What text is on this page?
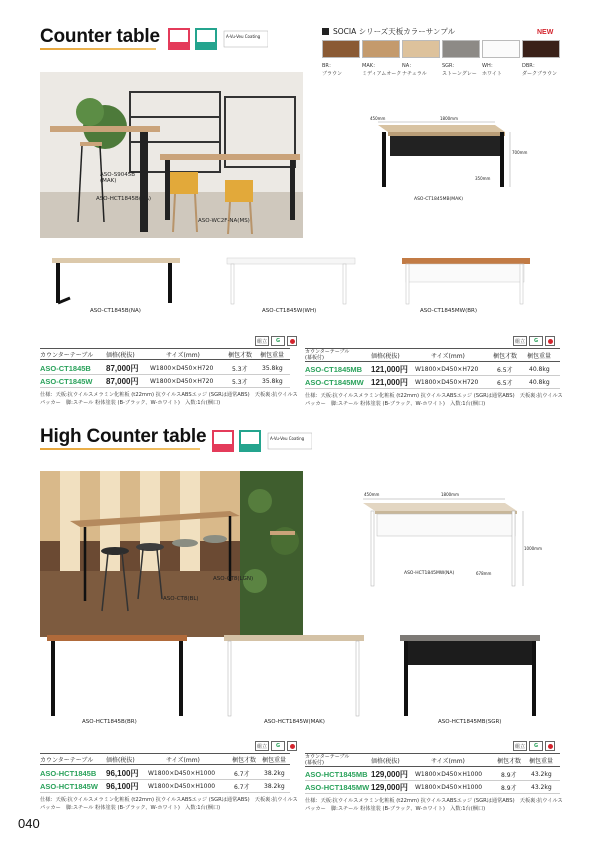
Counter table	A-Vu-Veu Coating
SOCIA シリーズ天板カラーサンプル	NEW
BR：
ブラウン
MAK：
ミディアムオーク
NA：
ナチュラル
SGR：
ストーングレー
WH：
ホワイト
DBR：
ダークブラウン
ASO-S9045B
(MAK)
ASO-HCT1845B(NA)
ASO-WC2F-NA(MS)
450mm	1800mm
700mm
350mm
ASO-CT1845MB(MAK)
ASO-CT1845B(NA)	ASO-CT1845W(WH)	ASO-CT1845MW(BR)
組立	G
カウンターテーブル 価格(税抜)	サイズ(mm)	梱包才数 梱包重量
ASO-CT1845B 87,000円 W1800×D450×H720	5.3才 35.8kg
ASO-CT1845W 87,000円 W1800×D450×H720	5.3才 35.8kg
仕様：天板:抗ウイルスメラミン化粧板 (t22mm) 抗ウイルスABSエッジ (SGRは通常ABS)　天板裏:抗ウイルス
パッカー　脚:スチール 粉体塗装 (B-ブラック、W-ホワイト)　入数:1台(梱口)
組立	G
カウンターテーブル
(幕板付)	価格(税抜)	サイズ(mm)	梱包才数 梱包重量
ASO-CT1845MB 121,000円 W1800×D450×H720	6.5才	40.8kg
ASO-CT1845MW 121,000円 W1800×D450×H720	6.5才	40.8kg
仕様：天板:抗ウイルスメラミン化粧板 (t22mm) 抗ウイルスABSエッジ (SGRは通常ABS)　天板裏:抗ウイルス
パッカー　脚:スチール 粉体塗装 (B-ブラック、W-ホワイト)　入数:1台(梱口)
High Counter table	A-Vu-Veu Coating
ASO-CT8(LGN)
ASO-CT8(BL)
450mm	1800mm
1000mm
678mm
ASO-HCT1845MW(NA)
ASO-HCT1845B(BR)	ASO-HCT1845W(MAK)	ASO-HCT1845MB(SGR)
組立	G
カウンターテーブル 価格(税抜)	サイズ(mm)	梱包才数 梱包重量
ASO-HCT1845B 96,100円 W1800×D450×H1000	6.7才 38.2kg
ASO-HCT1845W 96,100円 W1800×D450×H1000	6.7才 38.2kg
仕様：天板:抗ウイルスメラミン化粧板 (t22mm) 抗ウイルスABSエッジ (SGRは通常ABS)　天板裏:抗ウイルス
パッカー　脚:スチール 粉体塗装 (B-ブラック、W-ホワイト)　入数:1台(梱口)
組立	G
カウンターテーブル
(幕板付)	価格(税抜)	サイズ(mm)	梱包才数 梱包重量
ASO-HCT1845MB 129,000円 W1800×D450×H1000	8.9才 43.2kg
ASO-HCT1845MW 129,000円 W1800×D450×H1000	8.9才 43.2kg
仕様：天板:抗ウイルスメラミン化粧板 (t22mm) 抗ウイルスABSエッジ (SGRは通常ABS)　天板裏:抗ウイルス
パッカー　脚:スチール 粉体塗装 (B-ブラック、W-ホワイト)　入数:1台(梱口)
040
